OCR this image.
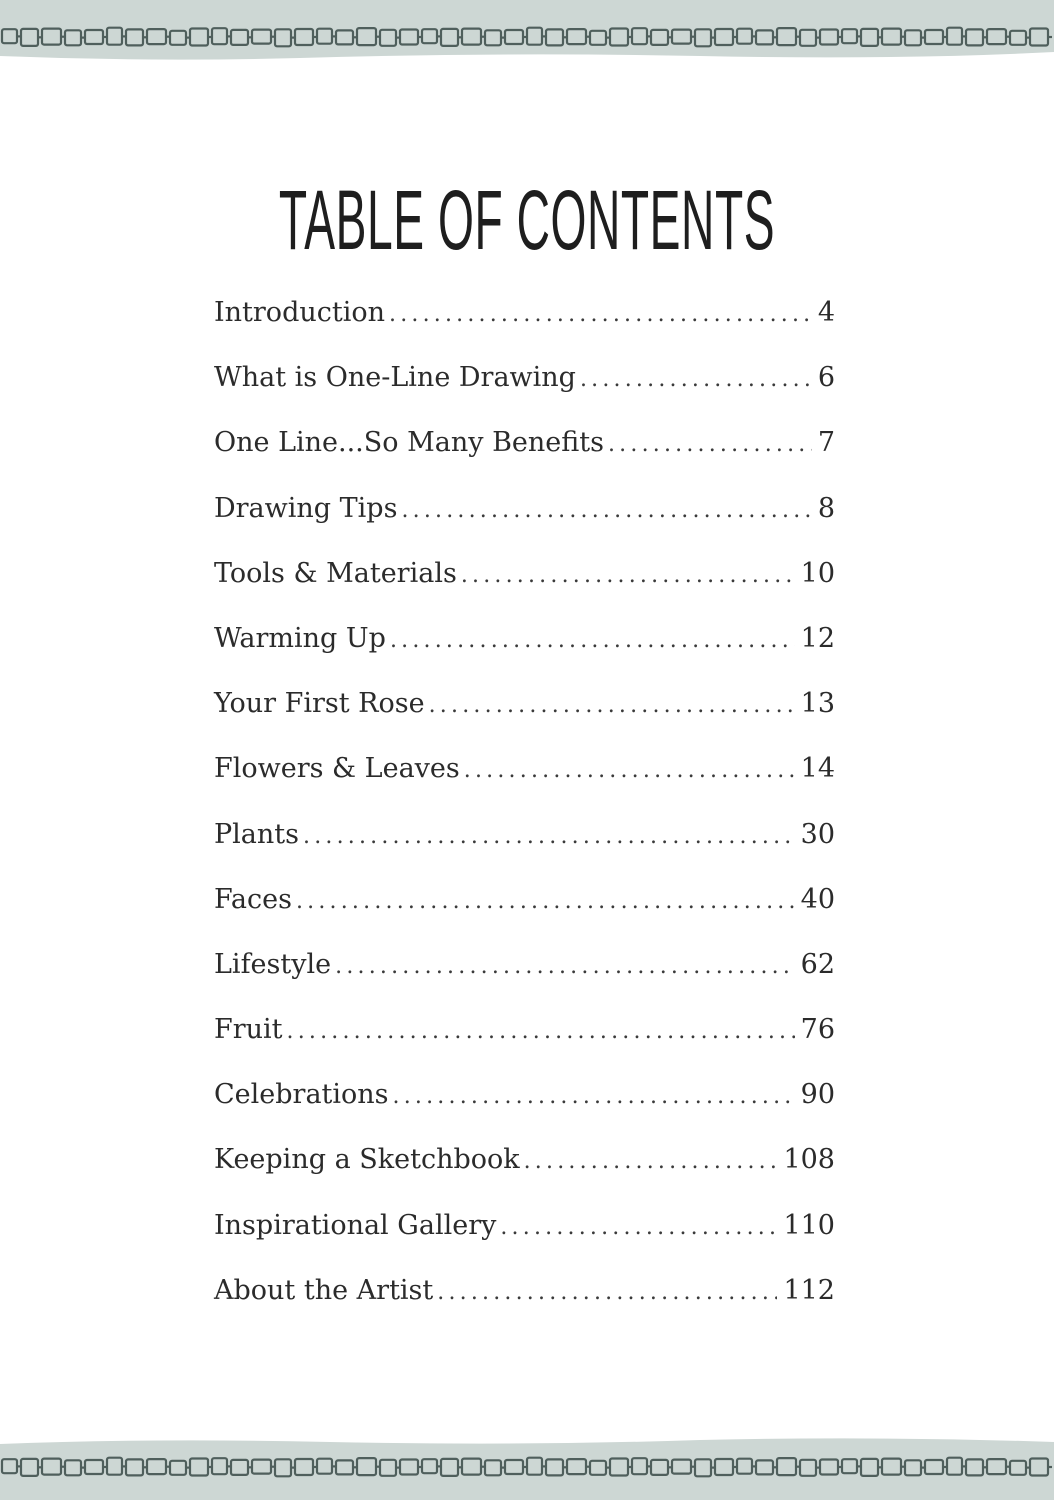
TABLE OF CONTENTS
Introduction .....	4
What is One-Line Drawing .....	6
One Line...So Many Benefits .....	7
Drawing Tips .....	8
Tools & Materials .....	10
Warming Up .....	12
Your First Rose .....	13
Flowers & Leaves .....	14
Plants .....	30
Faces .....	40
Lifestyle .....	62
Fruit .....	76
Celebrations .....	90
Keeping a Sketchbook .....	108
Inspirational Gallery .....	110
About the Artist .....	112
